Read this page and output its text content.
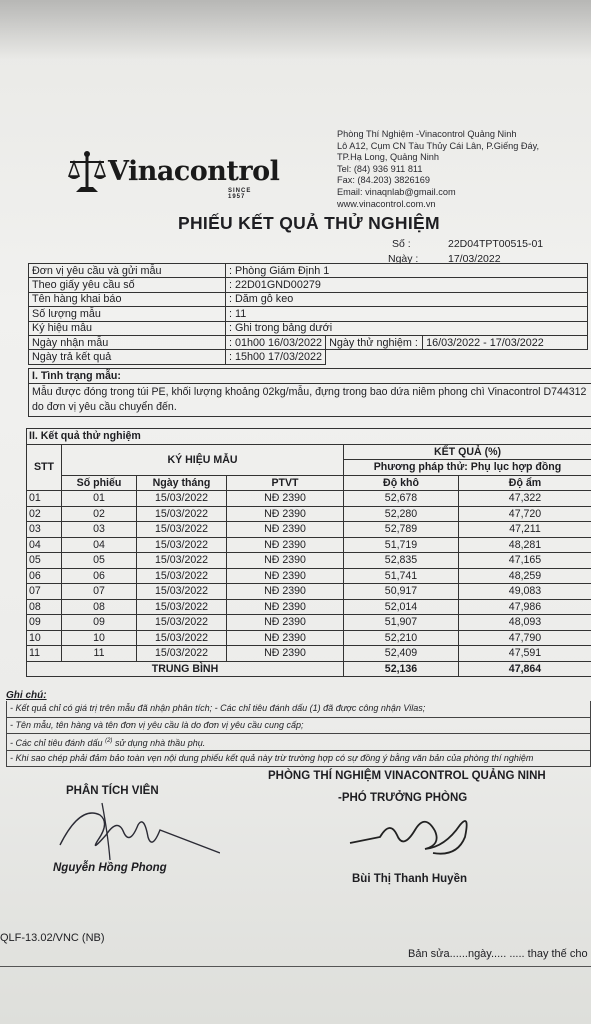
Phòng Thí Nghiệm -Vinacontrol Quảng Ninh
Lô A12, Cụm CN Tàu Thủy Cái Lân, P.Giếng Đáy,
TP.Hạ Long, Quảng Ninh
Tel: (84) 936 911 811
Fax: (84.203) 3826169
Email: vinaqnlab@gmail.com
www.vinacontrol.com.vn
Vinacontrol
SINCE 1957
PHIẾU KẾT QUẢ THỬ NGHIỆM
Số :	22D04TPT00515-01
Ngày :	17/03/2022
Đơn vị yêu cầu và gửi mẫu	: Phòng Giám Định 1		
Theo giấy yêu cầu số	: 22D01GND00279		
Tên hàng khai báo	: Dăm gỗ keo		
Số lượng mẫu	: 11		
Ký hiệu mẫu	: Ghi trong bảng dưới		
Ngày nhận mẫu	: 01h00 16/03/2022	Ngày thử nghiệm :	16/03/2022 - 17/03/2022
Ngày trả kết quả	: 15h00 17/03/2022		
I. Tình trạng mẫu:
Mẫu được đóng trong túi PE, khối lượng khoảng 02kg/mẫu, đựng trong bao dứa niêm phong chì Vinacontrol D744312 do đơn vị yêu cầu chuyển đến.
II. Kết quả thử nghiệm					
STT	KÝ HIỆU MẪU			KẾT QUẢ (%)	
				Phương pháp thử: Phụ lục hợp đồng	
	Số phiếu	Ngày tháng	PTVT	Độ khô	Độ ẩm
01	01	15/03/2022	NĐ 2390	52,678	47,322
02	02	15/03/2022	NĐ 2390	52,280	47,720
03	03	15/03/2022	NĐ 2390	52,789	47,211
04	04	15/03/2022	NĐ 2390	51,719	48,281
05	05	15/03/2022	NĐ 2390	52,835	47,165
06	06	15/03/2022	NĐ 2390	51,741	48,259
07	07	15/03/2022	NĐ 2390	50,917	49,083
08	08	15/03/2022	NĐ 2390	52,014	47,986
09	09	15/03/2022	NĐ 2390	51,907	48,093
10	10	15/03/2022	NĐ 2390	52,210	47,790
11	11	15/03/2022	NĐ 2390	52,409	47,591
TRUNG BÌNH				52,136	47,864
Ghi chú:
- Kết quả chỉ có giá trị trên mẫu đã nhận phân tích; - Các chỉ tiêu đánh dấu (1) đã được công nhận Vilas;
- Tên mẫu, tên hàng và tên đơn vị yêu cầu là do đơn vị yêu cầu cung cấp;
- Các chỉ tiêu đánh dấu $^{(2)}$ sử dụng nhà thầu phụ.
- Khi sao chép phải đảm bảo toàn vẹn nội dung phiếu kết quả này trừ trường hợp có sự đồng ý bằng văn bản của phòng thí nghiệm
PHÂN TÍCH VIÊN
PHÒNG THÍ NGHIỆM VINACONTROL QUẢNG NINH
-PHÓ TRƯỞNG PHÒNG
Nguyễn Hồng Phong
Bùi Thị Thanh Huyền
QLF-13.02/VNC (NB)
Bản sửa......ngày..... ..... thay thế cho
